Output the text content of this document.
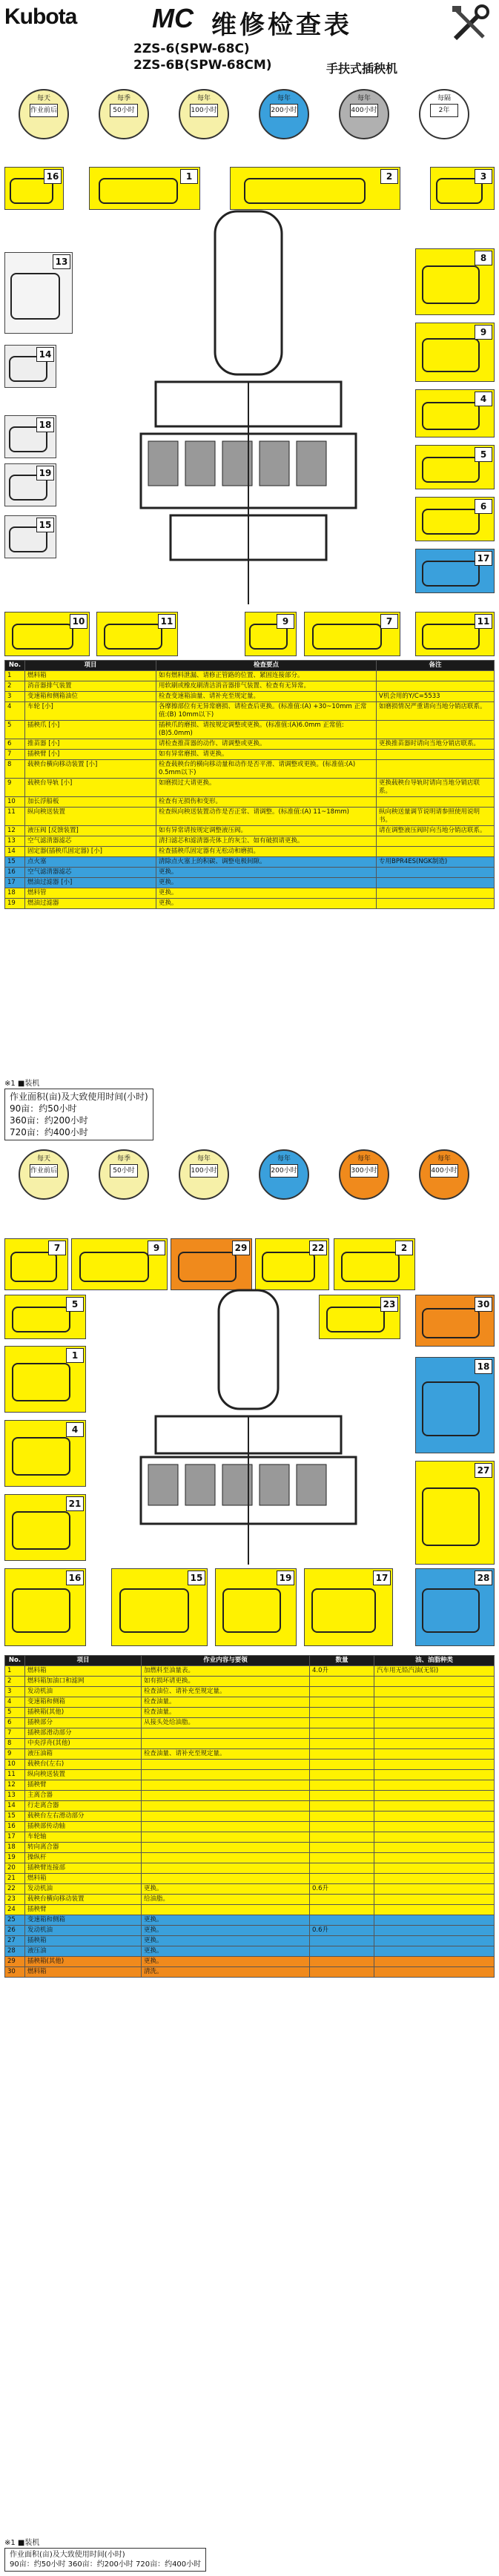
Kubota	MC 维修检查表
2ZS-6(SPW-68C)
2ZS-6B(SPW-68CM)	手扶式插秧机
每天
作业前后
每季
50小时
每年
100小时
每年
200小时
每年
400小时
每隔
2年
16	1	2	3
13	8
9
4
5
6
17
18
14
19
15
10	11	9	7	11
No.	项目	检查要点	备注
1	燃料箱	如有燃料泄漏、请修正管路的位置、紧固连接部分。	
2	消音器排气装置	用软刷或橡皮刷清洁消音器排气装置、检查有无异常。	
3	变速箱和侧箱油位	检查变速箱油量、请补充至规定量。	V机会用的Y/C=5533
4	车轮 [小]	各摩擦部位有无异常磨损、请检查后更换。(标准值:(A) +30~10mm 正常值:(B) 10mm以下)	如磨损情况严重请向当地分销店联系。
5	插秧爪 [小]	插秧爪的磨损、请按规定调整或更换。(标准值:(A)6.0mm 正常值:(B)5.0mm)	
6	推苗器 [小]	请检查推苗器的动作、请调整或更换。	更换推苗器时请向当地分销店联系。
7	插秧臂 [小]	如有异常磨损、请更换。	
8	载秧台横向移动装置 [小]	检查载秧台的横向移动量和动作是否平滑、请调整或更换。(标准值:(A) 0.5mm以下)	
9	载秧台导轨 [小]	如磨损过大请更换。	更换载秧台导轨时请向当地分销店联系。
10	加长浮船板	检查有无损伤和变形。	
11	纵向秧送装置	检查纵向秧送装置动作是否正常、请调整。(标准值:(A) 11~18mm)	纵向秧送量调节说明请参照使用说明书。
12	液压阀 [反馈装置]	如有异常请按规定调整液压阀。	请在调整液压阀时向当地分销店联系。
13	空气滤清器滤芯	清扫滤芯和滤清器壳体上的灰尘、如有破损请更换。	
14	固定器(插秧爪固定器) [小]	检查插秧爪固定器有无松动和磨损。	
15	点火塞	清除点火塞上的积碳、调整电极间隙。	专用BPR4ES(NGK制造)
16	空气滤清器滤芯	更换。	
17	燃油过滤器 [小]	更换。	
18	燃料管	更换。	
19	燃油过滤器	更换。	
※1 ■装机
作业面积(亩)及大致使用时间(小时)
90亩：约50小时
360亩：约200小时
720亩：约400小时
每天
作业前后
每季
50小时
每年
100小时
每年
200小时
每年
300小时
每年
400小时
7	9	29	22	2
5	23	30
1
4
21
16	15	19	17
18
27
28
No.	项目	作业内容与要领	数量	油、油脂种类
1	燃料箱	加燃料至油量表。	4.0升	汽车用无铅汽油(无铅)
2	燃料箱加油口和滤网	如有损坏请更换。		
3	发动机油	检查油位、请补充至规定量。		
4	变速箱和侧箱	检查油量。		
5	插秧箱(其他)	检查油量。		
6	插秧部分	从接头处给油脂。		
7	插秧部滑动部分			
8	中央浮舟(其他)			
9	液压油箱	检查油量、请补充至规定量。		
10	载秧台(左右)			
11	纵向秧送装置			
12	插秧臂			
13	主离合器			
14	行走离合器			
15	载秧台左右滑动部分			
16	插秧部传动轴			
17	车轮轴			
18	转向离合器			
19	操纵杆			
20	插秧臂连接部			
21	燃料箱			
22	发动机油	更换。	0.6升	
23	载秧台横向移动装置	给油脂。		
24	插秧臂			
25	变速箱和侧箱	更换。		
26	发动机油	更换。	0.6升	
27	插秧箱	更换。		
28	液压油	更换。		
29	插秧箱(其他)	更换。		
30	燃料箱	清洗。		
※1 ■装机
作业面积(亩)及大致使用时间(小时)
90亩：约50小时 360亩：约200小时 720亩：约400小时
